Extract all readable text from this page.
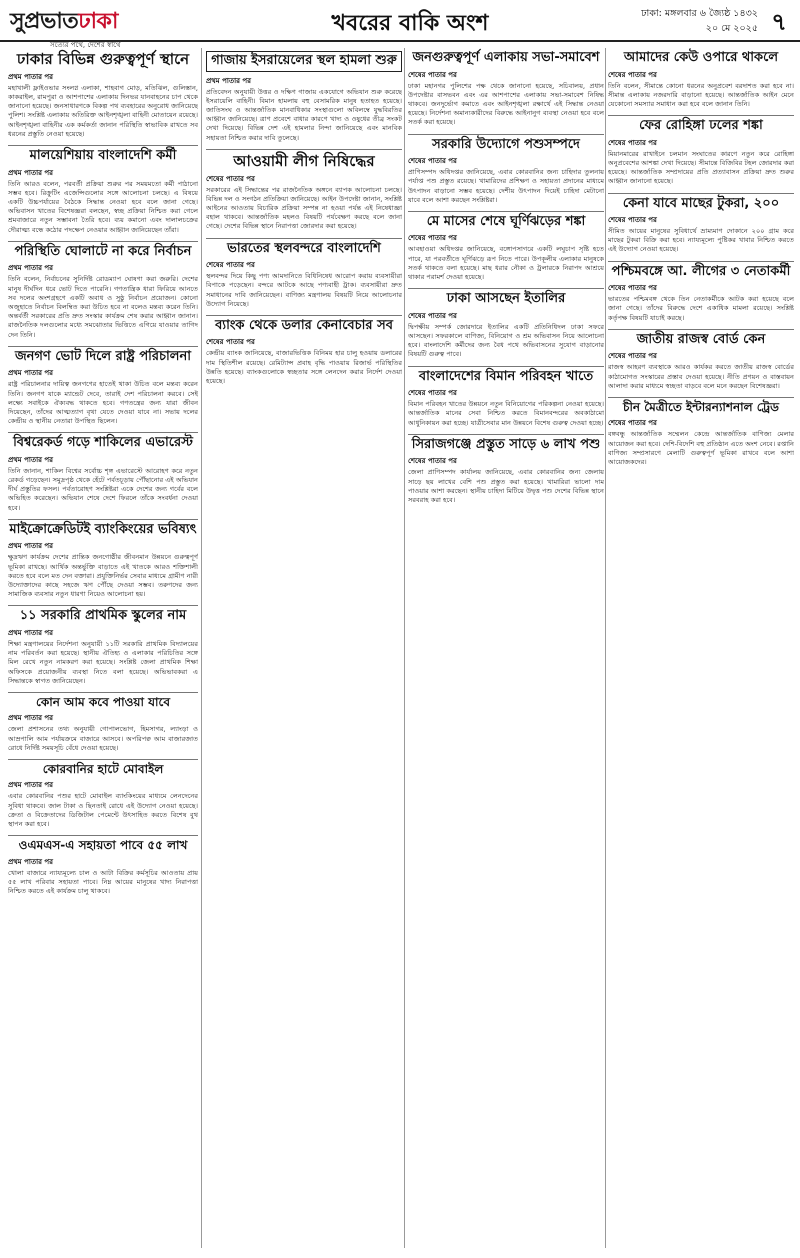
সুপ্রভাতঢাকা
সত্যের পথে, দেশের স্বার্থে
খবরের বাকি অংশ	ঢাকা: মঙ্গলবার ৬ জ্যৈষ্ঠ ১৪৩২
২০ মে ২০২৫ ৭
ঢাকার বিভিন্ন গুরুত্বপূর্ণ স্থানে
প্রথম পাতার পর
মহাখালী ফ্লাইওভার সংলগ্ন এলাকা, শাহবাগ মোড়, মতিঝিল, গুলিস্তান, কাকরাইল, রামপুরা ও আশপাশের এলাকায় দিনভর যানবাহনের চাপ থেকে জানানো হয়েছে। জনসাধারণকে বিকল্প পথ ব্যবহারের অনুরোধ জানিয়েছে পুলিশ। সংশ্লিষ্ট এলাকায় অতিরিক্ত আইনশৃঙ্খলা বাহিনী মোতায়েন রয়েছে। আইনশৃঙ্খলা বাহিনীর এক কর্মকর্তা জানান পরিস্থিতি স্বাভাবিক রাখতে সব ধরনের প্রস্তুতি নেওয়া হয়েছে।
মালয়েশিয়ায় বাংলাদেশি কর্মী
প্রথম পাতার পর
তিনি আরও বলেন, পরবর্তী প্রক্রিয়া শুরুর পর সময়মতো কর্মী পাঠানো সম্ভব হবে। রিক্রুটিং এজেন্সিগুলোর সঙ্গে আলোচনা চলছে। এ বিষয়ে একটি উচ্চপর্যায়ের বৈঠকে সিদ্ধান্ত নেওয়া হবে বলে জানা গেছে। অভিবাসন খাতের বিশেষজ্ঞরা বলছেন, স্বচ্ছ প্রক্রিয়া নিশ্চিত করা গেলে শ্রমবাজারে নতুন সম্ভাবনা তৈরি হবে। ব্যয় কমানো এবং দালালচক্রের দৌরাত্ম্য বন্ধে কঠোর পদক্ষেপ নেওয়ার আহ্বান জানিয়েছেন তাঁরা।
পরিস্থিতি ঘোলাটে না করে নির্বাচন
প্রথম পাতার পর
তিনি বলেন, নির্বাচনের সুনির্দিষ্ট রোডম্যাপ ঘোষণা করা জরুরি। দেশের মানুষ দীর্ঘদিন ধরে ভোট দিতে পারেনি। গণতান্ত্রিক ধারা ফিরিয়ে আনতে সব দলের অংশগ্রহণে একটি অবাধ ও সুষ্ঠু নির্বাচন প্রয়োজন। কোনো অজুহাতে নির্বাচন বিলম্বিত করা উচিত হবে না বলেও মন্তব্য করেন তিনি। অন্তর্বর্তী সরকারের প্রতি দ্রুত সংস্কার কার্যক্রম শেষ করার আহ্বান জানান। রাজনৈতিক দলগুলোর মধ্যে সমঝোতার ভিত্তিতে এগিয়ে যাওয়ার তাগিদ দেন তিনি।
জনগণ ভোট দিলে রাষ্ট্র পরিচালনা
প্রথম পাতার পর
রাষ্ট্র পরিচালনার দায়িত্ব জনগণের হাতেই থাকা উচিত বলে মন্তব্য করেন তিনি। জনগণ যাকে ম্যান্ডেট দেবে, তারাই দেশ পরিচালনা করবে। সেই লক্ষ্যে সবাইকে ঐক্যবদ্ধ থাকতে হবে। গণতন্ত্রের জন্য যারা জীবন দিয়েছেন, তাঁদের আত্মত্যাগ বৃথা যেতে দেওয়া যাবে না। সভায় দলের কেন্দ্রীয় ও স্থানীয় নেতারা উপস্থিত ছিলেন।
বিশ্বরেকর্ড গড়ে শাকিলের এভারেস্ট
প্রথম পাতার পর
তিনি জানান, শাকিল বিশ্বের সর্বোচ্চ শৃঙ্গ এভারেস্টে আরোহণ করে নতুন রেকর্ড গড়েছেন। সমুদ্রপৃষ্ঠ থেকে হেঁটে পর্বতচূড়ায় পৌঁছানোর এই অভিযান দীর্ঘ প্রস্তুতির ফসল। পর্বতারোহণ সংশ্লিষ্টরা একে দেশের জন্য গর্বের বলে অভিহিত করেছেন। অভিযান শেষে দেশে ফিরলে তাঁকে সংবর্ধনা দেওয়া হবে।
মাইক্রোক্রেডিটই ব্যাংকিংয়ের ভবিষ্যৎ
প্রথম পাতার পর
ক্ষুদ্রঋণ কার্যক্রম দেশের প্রান্তিক জনগোষ্ঠীর জীবনমান উন্নয়নে গুরুত্বপূর্ণ ভূমিকা রাখছে। আর্থিক অন্তর্ভুক্তি বাড়াতে এই খাতকে আরও শক্তিশালী করতে হবে বলে মত দেন বক্তারা। প্রযুক্তিনির্ভর সেবার মাধ্যমে গ্রামীণ নারী উদ্যোক্তাদের কাছে সহজে ঋণ পৌঁছে দেওয়া সম্ভব। তরুণদের জন্য সামাজিক ব্যবসার নতুন ধারণা নিয়েও আলোচনা হয়।
১১ সরকারি প্রাথমিক স্কুলের নাম
প্রথম পাতার পর
শিক্ষা মন্ত্রণালয়ের নির্দেশনা অনুযায়ী ১১টি সরকারি প্রাথমিক বিদ্যালয়ের নাম পরিবর্তন করা হয়েছে। স্থানীয় ঐতিহ্য ও এলাকার পরিচিতির সঙ্গে মিল রেখে নতুন নামকরণ করা হয়েছে। সংশ্লিষ্ট জেলা প্রাথমিক শিক্ষা অফিসকে প্রয়োজনীয় ব্যবস্থা নিতে বলা হয়েছে। অভিভাবকরা এ সিদ্ধান্তকে স্বাগত জানিয়েছেন।
কোন আম কবে পাওয়া যাবে
প্রথম পাতার পর
জেলা প্রশাসনের তথ্য অনুযায়ী গোপালভোগ, হিমসাগর, ল্যাংড়া ও আম্রপালি আম পর্যায়ক্রমে বাজারে আসবে। অপরিপক্ব আম বাজারজাত রোধে নির্দিষ্ট সময়সূচি বেঁধে দেওয়া হয়েছে।
কোরবানির হাটে মোবাইল
প্রথম পাতার পর
এবার কোরবানির পশুর হাটে মোবাইল ব্যাংকিংয়ের মাধ্যমে লেনদেনের সুবিধা থাকবে। জাল টাকা ও ছিনতাই রোধে এই উদ্যোগ নেওয়া হয়েছে। ক্রেতা ও বিক্রেতাদের ডিজিটাল পেমেন্টে উৎসাহিত করতে বিশেষ বুথ স্থাপন করা হবে।
ওএমএস-এ সহায়তা পাবে ৫৫ লাখ
প্রথম পাতার পর
খোলা বাজারে ন্যায্যমূল্যে চাল ও আটা বিক্রির কর্মসূচির আওতায় প্রায় ৫৫ লাখ পরিবার সহায়তা পাবে। নিম্ন আয়ের মানুষের খাদ্য নিরাপত্তা নিশ্চিত করতে এই কার্যক্রম চালু থাকবে।
গাজায় ইসরায়েলের স্থল হামলা শুরু
প্রথম পাতার পর
প্রতিবেদন অনুযায়ী উত্তর ও দক্ষিণ গাজায় একযোগে অভিযান শুরু করেছে ইসরায়েলি বাহিনী। বিমান হামলায় বহু বেসামরিক মানুষ হতাহত হয়েছে। জাতিসংঘ ও আন্তর্জাতিক মানবাধিকার সংস্থাগুলো অবিলম্বে যুদ্ধবিরতির আহ্বান জানিয়েছে। ত্রাণ প্রবেশে বাধার কারণে খাদ্য ও ওষুধের তীব্র সংকট দেখা দিয়েছে। বিভিন্ন দেশ এই হামলার নিন্দা জানিয়েছে এবং মানবিক সহায়তা নিশ্চিত করার দাবি তুলেছে।
আওয়ামী লীগ নিষিদ্ধের
শেষের পাতার পর
সরকারের এই সিদ্ধান্তের পর রাজনৈতিক অঙ্গনে ব্যাপক আলোচনা চলছে। বিভিন্ন দল ও সংগঠন প্রতিক্রিয়া জানিয়েছে। আইন উপদেষ্টা জানান, সংশ্লিষ্ট আইনের আওতায় বিচারিক প্রক্রিয়া সম্পন্ন না হওয়া পর্যন্ত এই নিষেধাজ্ঞা বহাল থাকবে। আন্তর্জাতিক মহলও বিষয়টি পর্যবেক্ষণ করছে বলে জানা গেছে। দেশের বিভিন্ন স্থানে নিরাপত্তা জোরদার করা হয়েছে।
ভারতের স্থলবন্দরে বাংলাদেশি
শেষের পাতার পর
স্থলবন্দর দিয়ে কিছু পণ্য আমদানিতে বিধিনিষেধ আরোপ করায় ব্যবসায়ীরা বিপাকে পড়েছেন। বন্দরে আটকে আছে পণ্যবাহী ট্রাক। ব্যবসায়ীরা দ্রুত সমাধানের দাবি জানিয়েছেন। বাণিজ্য মন্ত্রণালয় বিষয়টি নিয়ে আলোচনার উদ্যোগ নিয়েছে।
ব্যাংক থেকে ডলার কেনাবেচার সব
শেষের পাতার পর
কেন্দ্রীয় ব্যাংক জানিয়েছে, বাজারভিত্তিক বিনিময় হার চালু হওয়ায় ডলারের দাম স্থিতিশীল রয়েছে। রেমিট্যান্স প্রবাহ বৃদ্ধি পাওয়ায় রিজার্ভ পরিস্থিতির উন্নতি হয়েছে। ব্যাংকগুলোকে স্বচ্ছতার সঙ্গে লেনদেন করার নির্দেশ দেওয়া হয়েছে।
জনগুরুত্বপূর্ণ এলাকায় সভা-সমাবেশ
শেষের পাতার পর
ঢাকা মহানগর পুলিশের পক্ষ থেকে জানানো হয়েছে, সচিবালয়, প্রধান উপদেষ্টার বাসভবন এবং এর আশপাশের এলাকায় সভা-সমাবেশ নিষিদ্ধ থাকবে। জনদুর্ভোগ কমাতে এবং আইনশৃঙ্খলা রক্ষার্থে এই সিদ্ধান্ত নেওয়া হয়েছে। নির্দেশনা অমান্যকারীদের বিরুদ্ধে আইনানুগ ব্যবস্থা নেওয়া হবে বলে সতর্ক করা হয়েছে।
সরকারি উদ্যোগে পশুসম্পদে
শেষের পাতার পর
প্রাণিসম্পদ অধিদপ্তর জানিয়েছে, এবার কোরবানির জন্য চাহিদার তুলনায় পর্যাপ্ত পশু প্রস্তুত রয়েছে। খামারিদের প্রশিক্ষণ ও সহায়তা প্রদানের মাধ্যমে উৎপাদন বাড়ানো সম্ভব হয়েছে। দেশীয় উৎপাদন দিয়েই চাহিদা মেটানো যাবে বলে আশা করছেন সংশ্লিষ্টরা।
মে মাসের শেষে ঘূর্ণিঝড়ের শঙ্কা
শেষের পাতার পর
আবহাওয়া অধিদপ্তর জানিয়েছে, বঙ্গোপসাগরে একটি লঘুচাপ সৃষ্টি হতে পারে, যা পরবর্তীতে ঘূর্ণিঝড়ে রূপ নিতে পারে। উপকূলীয় এলাকার মানুষকে সতর্ক থাকতে বলা হয়েছে। মাছ ধরার নৌকা ও ট্রলারকে নিরাপদ আশ্রয়ে থাকার পরামর্শ দেওয়া হয়েছে।
ঢাকা আসছেন ইতালির
শেষের পাতার পর
দ্বিপক্ষীয় সম্পর্ক জোরদারে ইতালির একটি প্রতিনিধিদল ঢাকা সফরে আসছেন। সফরকালে বাণিজ্য, বিনিয়োগ ও শ্রম অভিবাসন নিয়ে আলোচনা হবে। বাংলাদেশি কর্মীদের জন্য বৈধ পথে অভিবাসনের সুযোগ বাড়ানোর বিষয়টি গুরুত্ব পাবে।
বাংলাদেশের বিমান পরিবহন খাতে
শেষের পাতার পর
বিমান পরিবহন খাতের উন্নয়নে নতুন বিনিয়োগের পরিকল্পনা নেওয়া হয়েছে। আন্তর্জাতিক মানের সেবা নিশ্চিত করতে বিমানবন্দরের অবকাঠামো আধুনিকায়ন করা হচ্ছে। যাত্রীসেবার মান উন্নয়নে বিশেষ গুরুত্ব দেওয়া হচ্ছে।
সিরাজগঞ্জে প্রস্তুত সাড়ে ৬ লাখ পশু
শেষের পাতার পর
জেলা প্রাণিসম্পদ কার্যালয় জানিয়েছে, এবার কোরবানির জন্য জেলায় সাড়ে ছয় লাখের বেশি পশু প্রস্তুত করা হয়েছে। খামারিরা ভালো দাম পাওয়ার আশা করছেন। স্থানীয় চাহিদা মিটিয়ে উদ্বৃত্ত পশু দেশের বিভিন্ন স্থানে সরবরাহ করা হবে।
আমাদের কেউ ওপারে থাকলে
শেষের পাতার পর
তিনি বলেন, সীমান্তে কোনো ধরনের অনুপ্রবেশ বরদাশত করা হবে না। সীমান্ত এলাকায় নজরদারি বাড়ানো হয়েছে। আন্তর্জাতিক আইন মেনে যেকোনো সমস্যার সমাধান করা হবে বলে জানান তিনি।
ফের রোহিঙ্গা ঢলের শঙ্কা
শেষের পাতার পর
মিয়ানমারের রাখাইনে চলমান সংঘাতের কারণে নতুন করে রোহিঙ্গা অনুপ্রবেশের আশঙ্কা দেখা দিয়েছে। সীমান্তে বিজিবির টহল জোরদার করা হয়েছে। আন্তর্জাতিক সম্প্রদায়ের প্রতি প্রত্যাবাসন প্রক্রিয়া দ্রুত শুরুর আহ্বান জানানো হয়েছে।
কেনা যাবে মাছের টুকরা, ২০০
শেষের পাতার পর
সীমিত আয়ের মানুষের সুবিধার্থে ভ্রাম্যমাণ দোকানে ২০০ গ্রাম করে মাছের টুকরা বিক্রি করা হবে। ন্যায্যমূল্যে পুষ্টিকর খাবার নিশ্চিত করতে এই উদ্যোগ নেওয়া হয়েছে।
পশ্চিমবঙ্গে আ. লীগের ৩ নেতাকর্মী
শেষের পাতার পর
ভারতের পশ্চিমবঙ্গ থেকে তিন নেতাকর্মীকে আটক করা হয়েছে বলে জানা গেছে। তাঁদের বিরুদ্ধে দেশে একাধিক মামলা রয়েছে। সংশ্লিষ্ট কর্তৃপক্ষ বিষয়টি যাচাই করছে।
জাতীয় রাজস্ব বোর্ড কেন
শেষের পাতার পর
রাজস্ব আহরণ ব্যবস্থাকে আরও কার্যকর করতে জাতীয় রাজস্ব বোর্ডের কাঠামোগত সংস্কারের প্রস্তাব দেওয়া হয়েছে। নীতি প্রণয়ন ও বাস্তবায়ন আলাদা করার মাধ্যমে স্বচ্ছতা বাড়বে বলে মনে করছেন বিশেষজ্ঞরা।
চীন মৈত্রীতে ইন্টারন্যাশনাল ট্রেড
শেষের পাতার পর
বঙ্গবন্ধু আন্তর্জাতিক সম্মেলন কেন্দ্রে আন্তর্জাতিক বাণিজ্য মেলার আয়োজন করা হবে। দেশি-বিদেশি বহু প্রতিষ্ঠান এতে অংশ নেবে। রপ্তানি বাণিজ্য সম্প্রসারণে মেলাটি গুরুত্বপূর্ণ ভূমিকা রাখবে বলে আশা আয়োজকদের।
